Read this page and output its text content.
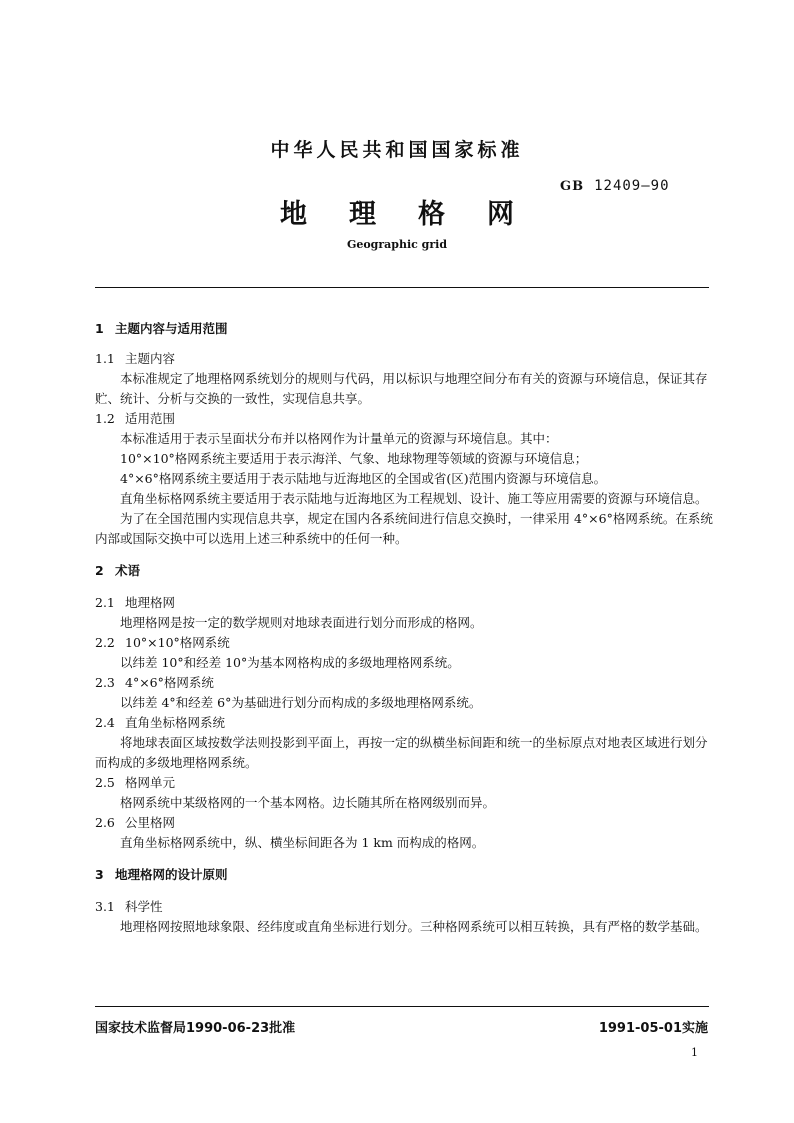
中华人民共和国国家标准
GB 12409—90
地理格网
Geographic grid
1 主题内容与适用范围
1.1 主题内容
本标准规定了地理格网系统划分的规则与代码，用以标识与地理空间分布有关的资源与环境信息，保证其存贮、统计、分析与交换的一致性，实现信息共享。
1.2 适用范围
本标准适用于表示呈面状分布并以格网作为计量单元的资源与环境信息。其中：
10°×10°格网系统主要适用于表示海洋、气象、地球物理等领域的资源与环境信息；
4°×6°格网系统主要适用于表示陆地与近海地区的全国或省(区)范围内资源与环境信息。
直角坐标格网系统主要适用于表示陆地与近海地区为工程规划、设计、施工等应用需要的资源与环境信息。
为了在全国范围内实现信息共享，规定在国内各系统间进行信息交换时，一律采用 4°×6°格网系统。在系统内部或国际交换中可以选用上述三种系统中的任何一种。
2 术语
2.1 地理格网
地理格网是按一定的数学规则对地球表面进行划分而形成的格网。
2.2 10°×10°格网系统
以纬差 10°和经差 10°为基本网格构成的多级地理格网系统。
2.3 4°×6°格网系统
以纬差 4°和经差 6°为基础进行划分而构成的多级地理格网系统。
2.4 直角坐标格网系统
将地球表面区域按数学法则投影到平面上，再按一定的纵横坐标间距和统一的坐标原点对地表区域进行划分而构成的多级地理格网系统。
2.5 格网单元
格网系统中某级格网的一个基本网格。边长随其所在格网级别而异。
2.6 公里格网
直角坐标格网系统中，纵、横坐标间距各为 1 km 而构成的格网。
3 地理格网的设计原则
3.1 科学性
地理格网按照地球象限、经纬度或直角坐标进行划分。三种格网系统可以相互转换，具有严格的数学基础。
国家技术监督局1990-06-23批准	1991-05-01实施
1
